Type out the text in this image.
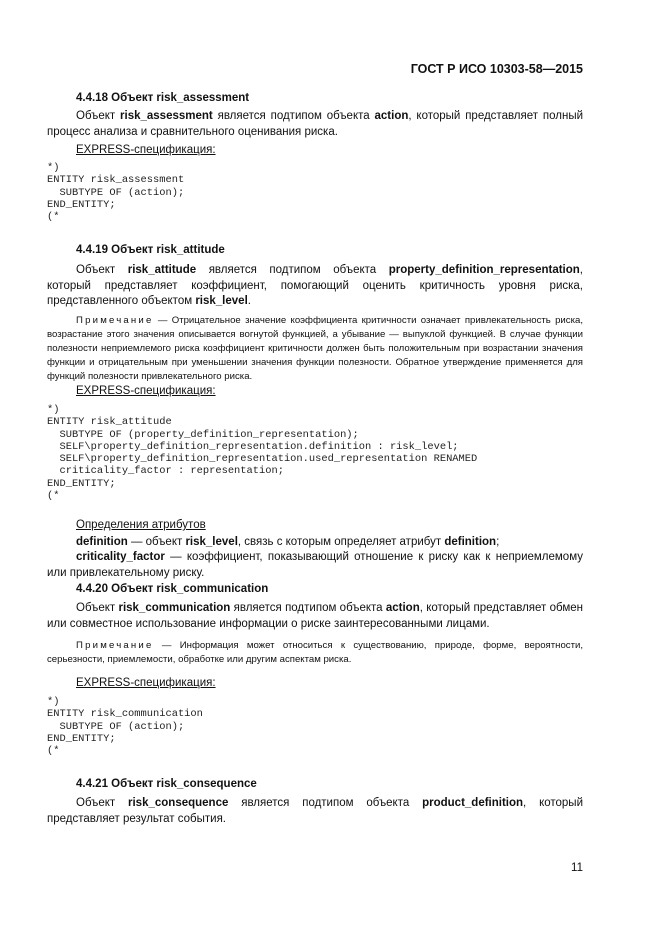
ГОСТ Р ИСО 10303-58—2015
4.4.18 Объект risk_assessment
Объект risk_assessment является подтипом объекта action, который представляет полный процесс анализа и сравнительного оценивания риска.
EXPRESS-спецификация:
*)
ENTITY risk_assessment
SUBTYPE OF (action);
END_ENTITY;
(*
4.4.19 Объект risk_attitude
Объект risk_attitude является подтипом объекта property_definition_representation, который представляет коэффициент, помогающий оценить критичность уровня риска, представленного объектом risk_level.
Примечание — Отрицательное значение коэффициента критичности означает привлекательность риска, возрастание этого значения описывается вогнутой функцией, а убывание — выпуклой функцией. В случае функции полезности неприемлемого риска коэффициент критичности должен быть положительным при возрастании значения функции и отрицательным при уменьшении значения функции полезности. Обратное утверждение применяется для функций полезности привлекательного риска.
EXPRESS-спецификация:
*)
ENTITY risk_attitude
SUBTYPE OF (property_definition_representation);
SELF\property_definition_representation.definition : risk_level;
SELF\property_definition_representation.used_representation RENAMED
criticality_factor : representation;
END_ENTITY;
(*
Определения атрибутов
definition — объект risk_level, связь с которым определяет атрибут definition;
criticality_factor — коэффициент, показывающий отношение к риску как к неприемлемому или привлекательному риску.
4.4.20 Объект risk_communication
Объект risk_communication является подтипом объекта action, который представляет обмен или совместное использование информации о риске заинтересованными лицами.
Примечание — Информация может относиться к существованию, природе, форме, вероятности, серьезности, приемлемости, обработке или другим аспектам риска.
EXPRESS-спецификация:
*)
ENTITY risk_communication
SUBTYPE OF (action);
END_ENTITY;
(*
4.4.21 Объект risk_consequence
Объект risk_consequence является подтипом объекта product_definition, который представляет результат события.
11
